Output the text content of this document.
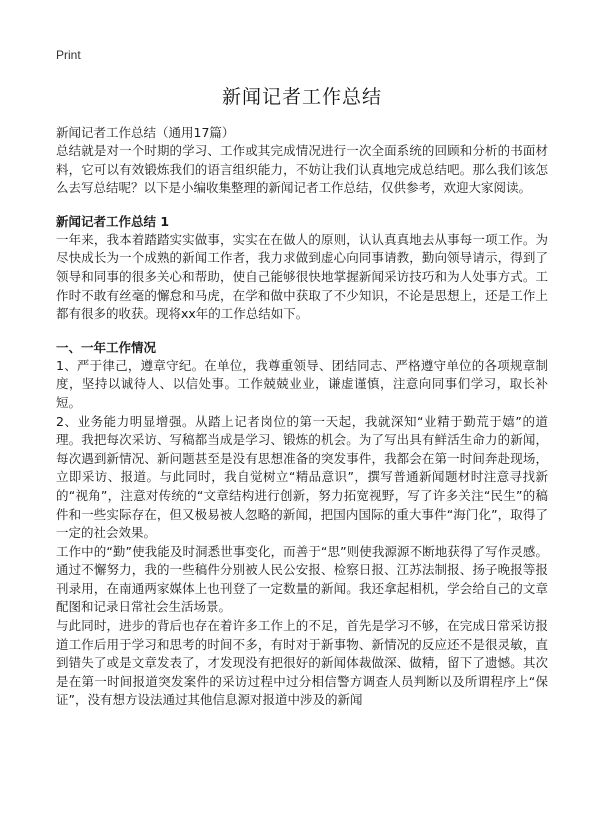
Print
新闻记者工作总结
新闻记者工作总结（通用17篇）

总结就是对一个时期的学习、工作或其完成情况进行一次全面系统的回顾和分析的书面材料，它可以有效锻炼我们的语言组织能力，不妨让我们认真地完成总结吧。那么我们该怎么去写总结呢？以下是小编收集整理的新闻记者工作总结，仅供参考，欢迎大家阅读。

新闻记者工作总结 1

一年来，我本着踏踏实实做事，实实在在做人的原则，认认真真地去从事每一项工作。为尽快成长为一个成熟的新闻工作者，我力求做到虚心向同事请教，勤向领导请示，得到了领导和同事的很多关心和帮助，使自己能够很快地掌握新闻采访技巧和为人处事方式。工作时不敢有丝毫的懈怠和马虎，在学和做中获取了不少知识，不论是思想上，还是工作上都有很多的收获。现将xx年的工作总结如下。

一、一年工作情况

1、严于律己，遵章守纪。在单位，我尊重领导、团结同志、严格遵守单位的各项规章制度，坚持以诚待人、以信处事。工作兢兢业业，谦虚谨慎，注意向同事们学习，取长补短。

2、业务能力明显增强。从踏上记者岗位的第一天起，我就深知“业精于勤荒于嬉”的道理。我把每次采访、写稿都当成是学习、锻炼的机会。为了写出具有鲜活生命力的新闻，每次遇到新情况、新问题甚至是没有思想准备的突发事件，我都会在第一时间奔赴现场，立即采访、报道。与此同时，我自觉树立“精品意识”，撰写普通新闻题材时注意寻找新的“视角”，注意对传统的“文章结构进行创新，努力拓宽视野，写了许多关注“民生”的稿件和一些实际存在，但又极易被人忽略的新闻，把国内国际的重大事件“海门化”，取得了一定的社会效果。

工作中的“勤”使我能及时洞悉世事变化，而善于“思”则使我源源不断地获得了写作灵感。通过不懈努力，我的一些稿件分别被人民公安报、检察日报、江苏法制报、扬子晚报等报刊录用，在南通两家媒体上也刊登了一定数量的新闻。我还拿起相机，学会给自己的文章配图和记录日常社会生活场景。

与此同时，进步的背后也存在着许多工作上的不足，首先是学习不够，在完成日常采访报道工作后用于学习和思考的时间不多，有时对于新事物、新情况的反应还不是很灵敏，直到错失了或是文章发表了，才发现没有把很好的新闻体裁做深、做精，留下了遗憾。其次是在第一时间报道突发案件的采访过程中过分相信警方调查人员判断以及所谓程序上“保证”，没有想方设法通过其他信息源对报道中涉及的新闻
